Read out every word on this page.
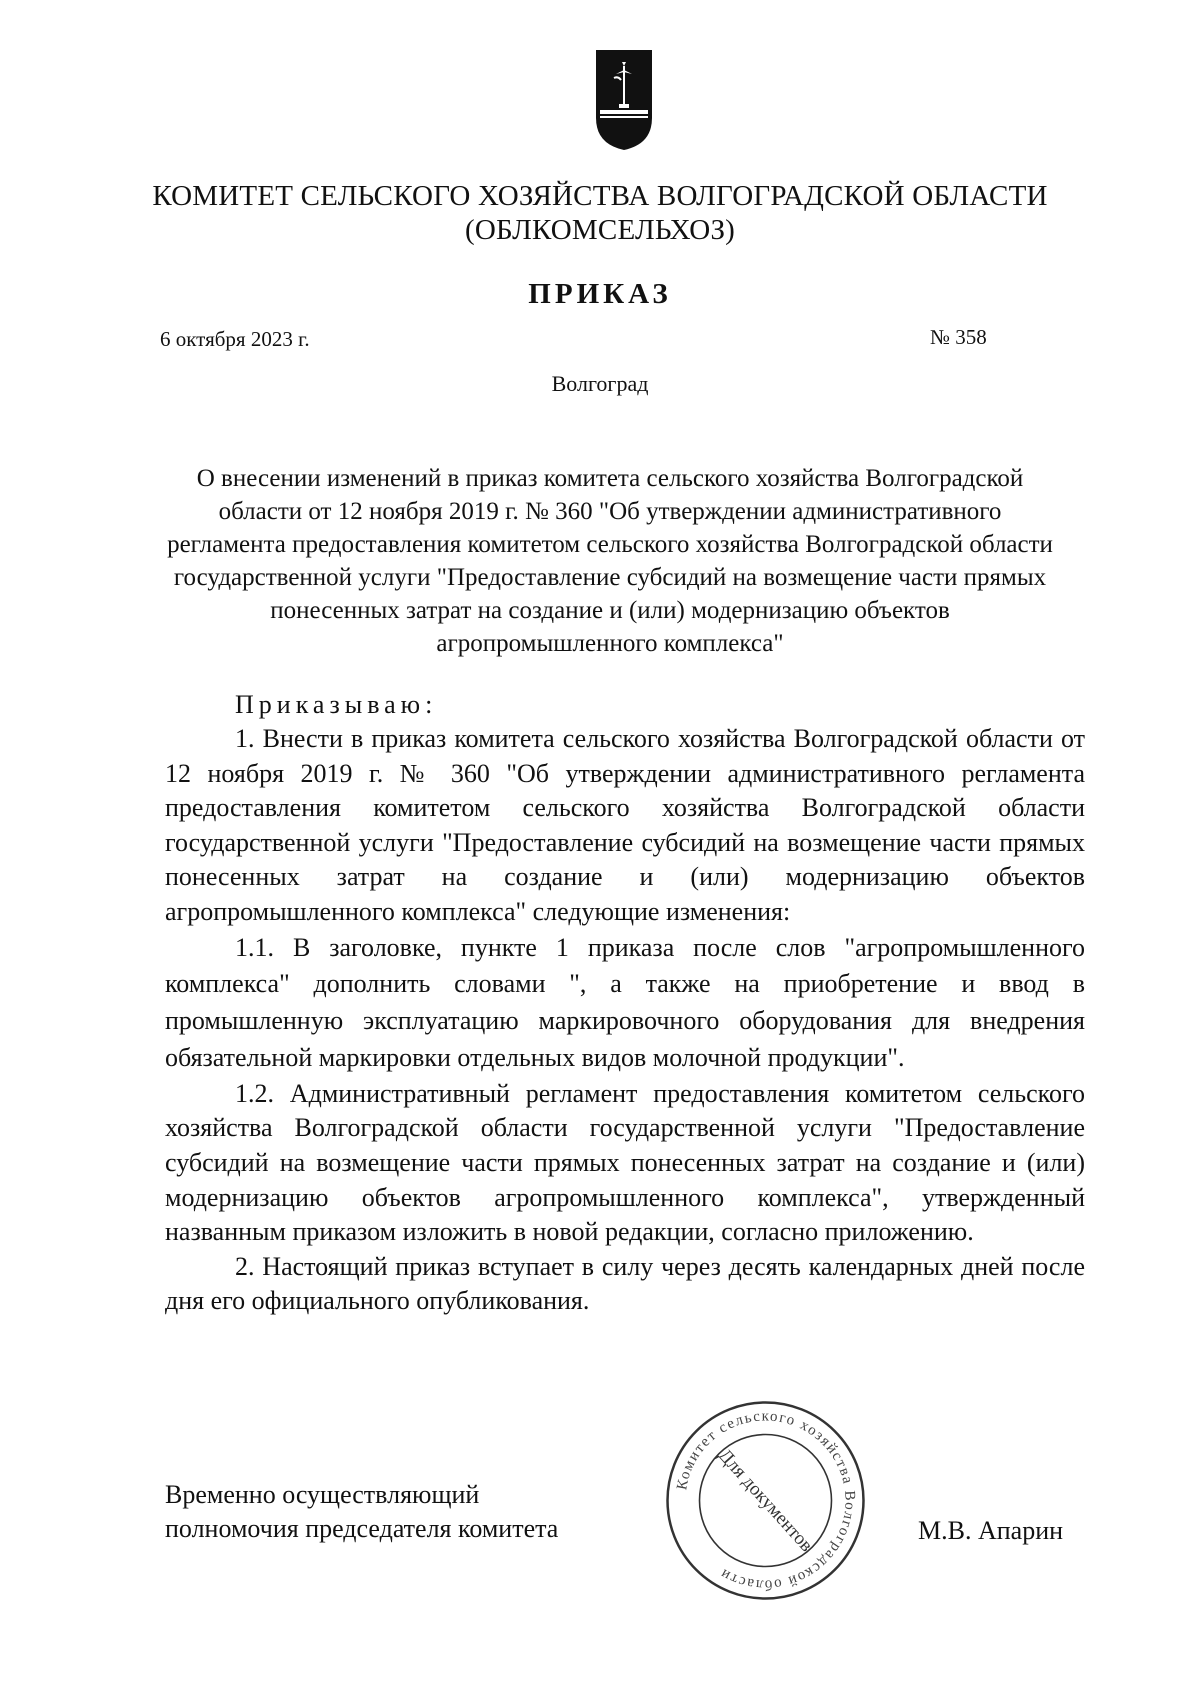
КОМИТЕТ СЕЛЬСКОГО ХОЗЯЙСТВА ВОЛГОГРАДСКОЙ ОБЛАСТИ
(ОБЛКОМСЕЛЬХОЗ)
ПРИКАЗ
6 октября 2023 г.	№ 358
Волгоград
О внесении изменений в приказ комитета сельского хозяйства Волгоградской области от 12 ноября 2019 г. № 360 "Об утверждении административного регламента предоставления комитетом сельского хозяйства Волгоградской области государственной услуги "Предоставление субсидий на возмещение части прямых понесенных затрат на создание и (или) модернизацию объектов агропромышленного комплекса"
Приказываю:

1. Внести в приказ комитета сельского хозяйства Волгоградской области от 12 ноября 2019 г. № 360 "Об утверждении административного регламента предоставления комитетом сельского хозяйства Волгоградской области государственной услуги "Предоставление субсидий на возмещение части прямых понесенных затрат на создание и (или) модернизацию объектов агропромышленного комплекса" следующие изменения:

1.1. В заголовке, пункте 1 приказа после слов "агропромышленного комплекса" дополнить словами ", а также на приобретение и ввод в промышленную эксплуатацию маркировочного оборудования для внедрения обязательной маркировки отдельных видов молочной продукции".

1.2. Административный регламент предоставления комитетом сельского хозяйства Волгоградской области государственной услуги "Предоставление субсидий на возмещение части прямых понесенных затрат на создание и (или) модернизацию объектов агропромышленного комплекса", утвержденный названным приказом изложить в новой редакции, согласно приложению.

2. Настоящий приказ вступает в силу через десять календарных дней после дня его официального опубликования.

Временно осуществляющий
полномочия председателя комитета
Комитет сельского хозяйства Волгоградской области
Для документов	М.В. Апарин
